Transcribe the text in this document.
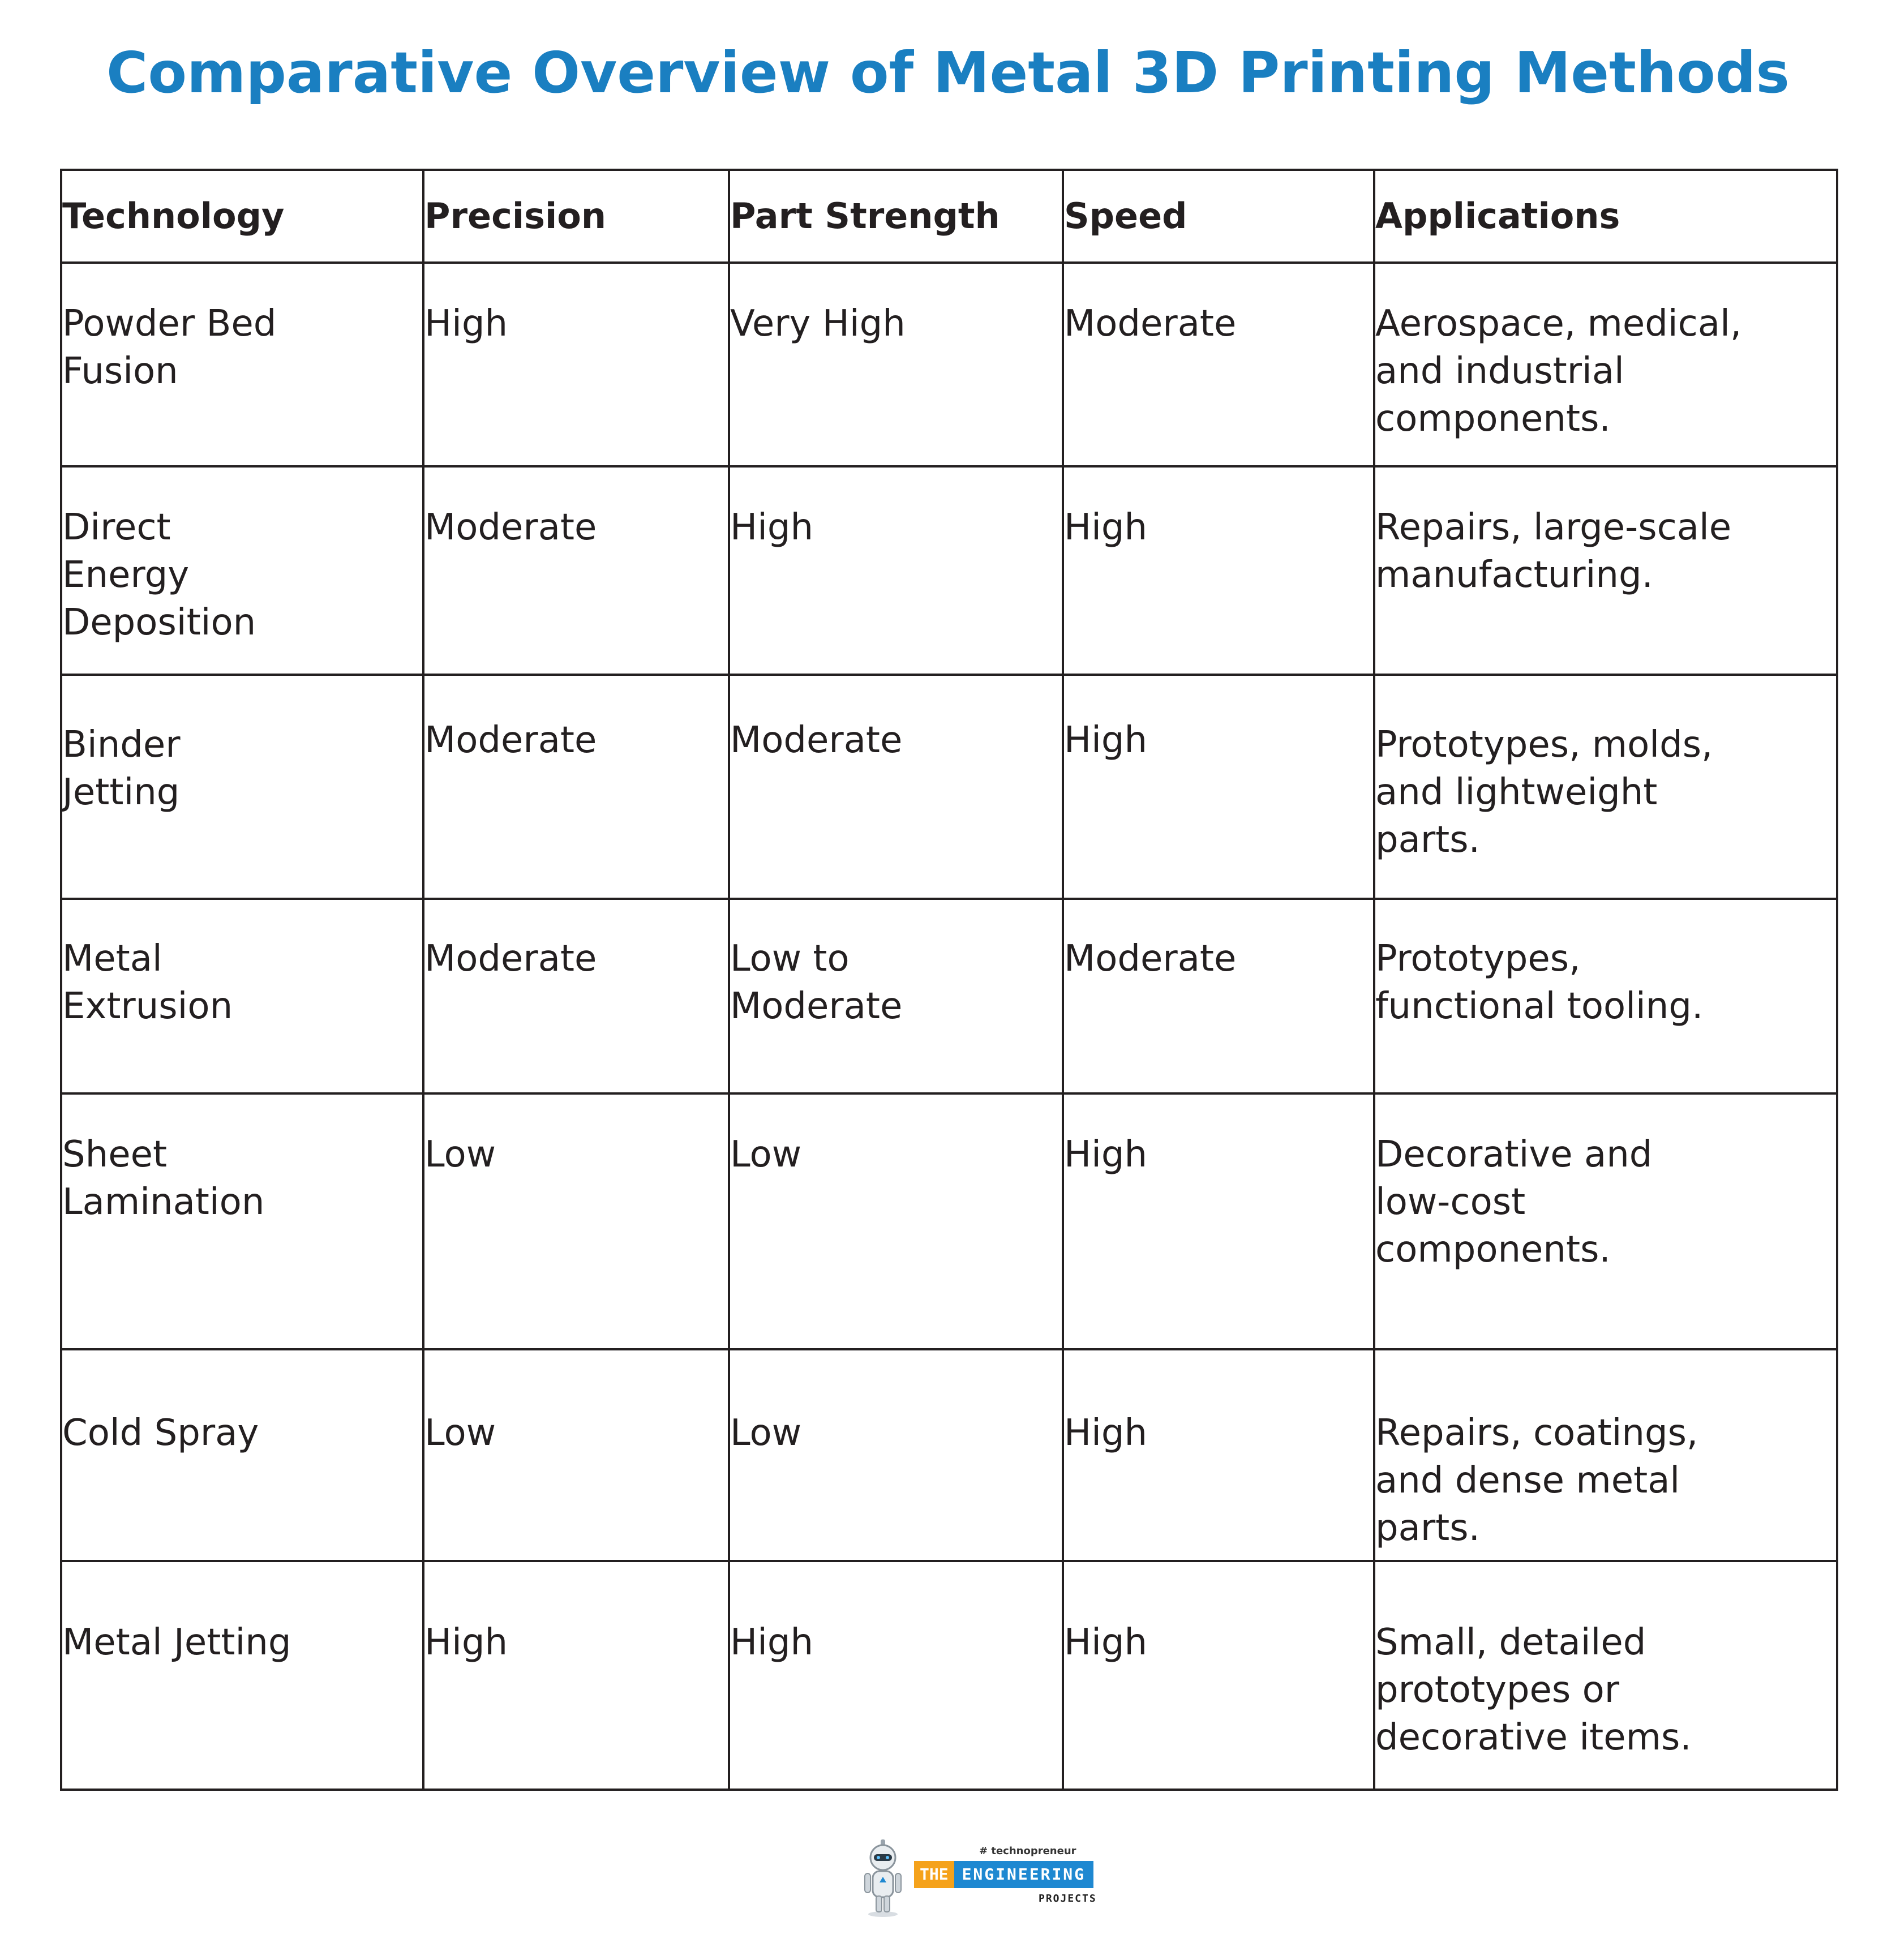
Comparative Overview of Metal 3D Printing Methods
Technology	Precision	Part Strength	Speed	Applications

Powder Bed Fusion	High	Very High	Moderate	Aerospace, medical, and industrial components.

Direct Energy Deposition	Moderate	High	High	Repairs, large-scale manufacturing.

Binder Jetting	Moderate	Moderate	High	Prototypes, molds, and lightweight parts.

Metal Extrusion	Moderate	Low to Moderate	Moderate	Prototypes, functional tooling.

Sheet Lamination	Low	Low	High	Decorative and low-cost components.

Cold Spray	Low	Low	High	Repairs, coatings, and dense metal parts.

Metal Jetting	High	High	High	Small, detailed prototypes or decorative items.
# technopreneur
THE ENGINEERING
PROJECTS
